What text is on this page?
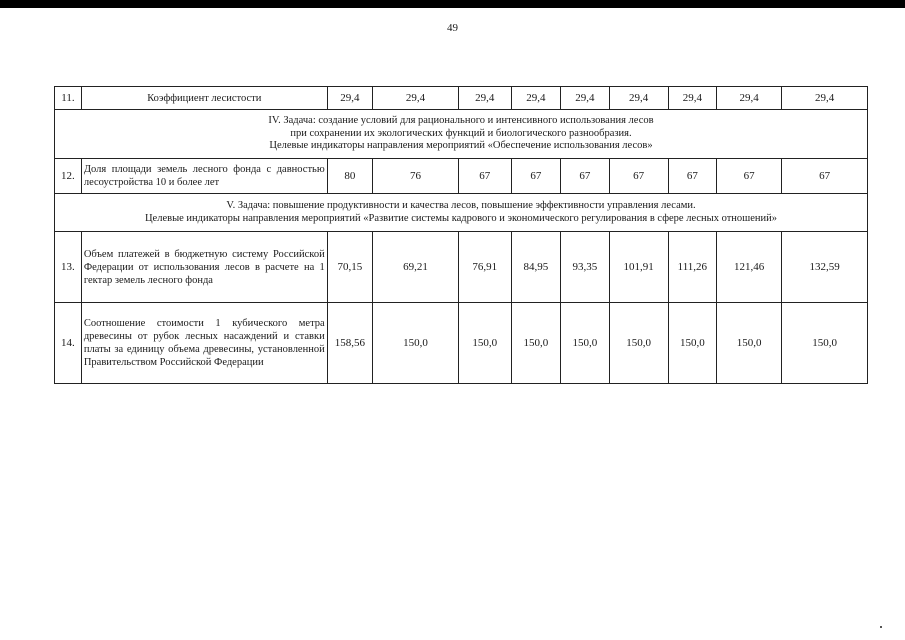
49
11.	Коэффициент лесистости	29,4	29,4	29,4	29,4	29,4	29,4	29,4	29,4	29,4

IV. Задача: создание условий для рационального и интенсивного использования лесов
при сохранении их экологических функций и биологического разнообразия.
Целевые индикаторы направления мероприятий «Обеспечение использования лесов»										

12.	Доля площади земель лесного фонда с давностью лесоустройства 10 и более лет	80	76	67	67	67	67	67	67	67

V. Задача: повышение продуктивности и качества лесов, повышение эффективности управления лесами.
Целевые индикаторы направления мероприятий «Развитие системы кадрового и экономического регулирования в сфере лесных отношений»										

13.	Объем платежей в бюджетную систему Российской Федерации от использования лесов в расчете на 1 гектар земель лесного фонда	70,15	69,21	76,91	84,95	93,35	101,91	111,26	121,46	132,59
14.	Соотношение стоимости 1 кубического метра древесины от рубок лесных насаждений и ставки платы за единицу объема древесины, установленной Правительством Российской Федерации	158,56	150,0	150,0	150,0	150,0	150,0	150,0	150,0	150,0
